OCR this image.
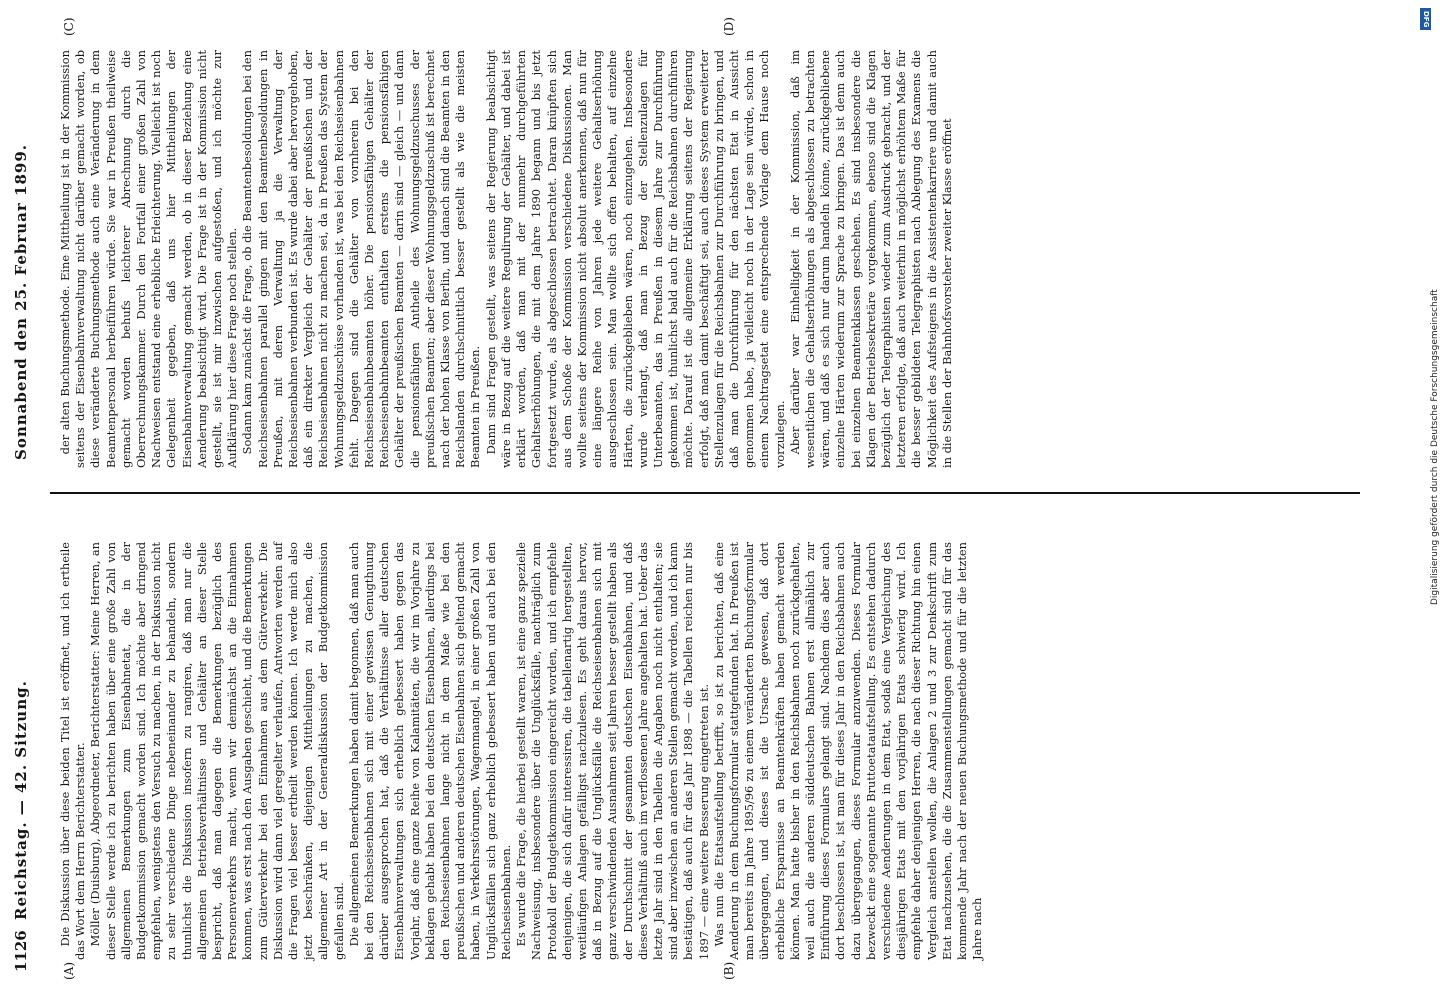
1126
Reichstag. — 42. Sitzung.
Sonnabend den 25. Februar 1899.
(A)	(B)
(C)	(D)

Die Diskussion über diese beiden Titel ist eröffnet, und ich ertheile das Wort dem Herrn Berichterstatter. Möller (Duisburg), Abgeordneter, Berichterstatter: Meine Herren, an dieser Stelle werde ich zu berichten haben über eine große Zahl von allgemeinen Bemerkungen zum Eisenbahnetat, die in der Budgetkommission gemacht worden sind. Ich möchte aber dringend empfehlen, wenigstens den Versuch zu machen, in der Diskussion nicht zu sehr verschiedene Dinge nebeneinander zu behandeln, sondern thunlichst die Diskussion insofern zu rangiren, daß man nur die allgemeinen Betriebsverhältnisse und Gehälter an dieser Stelle bespricht, daß man dagegen die Bemerkungen bezüglich des Personenverkehrs macht, wenn wir demnächst an die Einnahmen kommen, was erst nach den Ausgaben geschieht, und die Bemerkungen zum Güterverkehr bei den Einnahmen aus dem Güterverkehr. Die Diskussion wird dann viel geregelter verlaufen, Antworten werden auf die Fragen viel besser ertheilt werden können. Ich werde mich also jetzt beschränken, diejenigen Mittheilungen zu machen, die allgemeiner Art in der Generaldiskussion der Budgetkommission gefallen sind. Die allgemeinen Bemerkungen haben damit begonnen, daß man auch bei den Reichseisenbahnen sich mit einer gewissen Genugthuung darüber ausgesprochen hat, daß die Verhältnisse aller deutschen Eisenbahnverwaltungen sich erheblich gebessert haben gegen das Vorjahr, daß eine ganze Reihe von Kalamitäten, die wir im Vorjahre zu beklagen gehabt haben bei den deutschen Eisenbahnen, allerdings bei den Reichseisenbahnen lange nicht in dem Maße wie bei den preußischen und anderen deutschen Eisenbahnen sich geltend gemacht haben, in Verkehrsstörungen, Wagenmangel, in einer großen Zahl von Unglücksfällen sich ganz erheblich gebessert haben und auch bei den Reichseisenbahnen. Es wurde die Frage, die hierbei gestellt waren, ist eine ganz spezielle Nachweisung, insbesondere über die Unglücksfälle, nachträglich zum Protokoll der Budgetkommission eingereicht worden, und ich empfehle denjenigen, die sich dafür interessiren, die tabellenartig hergestellten, weitläufigen Anlagen gefälligst nachzulesen. Es geht daraus hervor, daß in Bezug auf die Unglücksfälle die Reichseisenbahnen sich mit ganz verschwindenden Ausnahmen seit Jahren besser gestellt haben als der Durchschnitt der gesammten deutschen Eisenbahnen, und daß dieses Verhältniß auch im verflossenen Jahre angehalten hat. Ueber das letzte Jahr sind in den Tabellen die Angaben noch nicht enthalten; sie sind aber inzwischen an anderen Stellen gemacht worden, und ich kann bestätigen, daß auch für das Jahr 1898 — die Tabellen reichen nur bis 1897 — eine weitere Besserung eingetreten ist. Was nun die Etatsaufstellung betrifft, so ist zu berichten, daß eine Aenderung in dem Buchungsformular stattgefunden hat. In Preußen ist man bereits im Jahre 1895/96 zu einem veränderten Buchungsformular übergegangen, und dieses ist die Ursache gewesen, daß dort erhebliche Ersparnisse an Beamtenkräften haben gemacht werden können. Man hatte bisher in den Reichsbahnen noch zurückgehalten, weil auch die anderen süddeutschen Bahnen erst allmählich zur Einführung dieses Formulars gelangt sind. Nachdem dies aber auch dort beschlossen ist, ist man für dieses Jahr in den Reichsbahnen auch dazu übergegangen, dieses Formular anzuwenden. Dieses Formular bezweckt eine sogenannte Bruttoetataufstellung. Es entstehen dadurch verschiedene Aenderungen in dem Etat, sodaß eine Vergleichung des diesjährigen Etats mit den vorjährigen Etats schwierig wird. Ich empfehle daher denjenigen Herren, die nach dieser Richtung hin einen Vergleich anstellen wollen, die Anlagen 2 und 3 zur Denkschrift zum Etat nachzusehen, die die Zusammenstellungen gemacht sind für das kommende Jahr nach der neuen Buchungsmethode und für die letzten Jahre nach

der alten Buchungsmethode. Eine Mittheilung ist in der Kommission seitens der Eisenbahnverwaltung nicht darüber gemacht worden, ob diese veränderte Buchungsmethode auch eine Veränderung in dem Beamtenpersonal herbeiführen würde. Sie war in Preußen theilweise gemacht worden behufs leichterer Abrechnung durch die Oberrechnungskammer. Durch den Fortfall einer großen Zahl von Nachweisen entstand eine erhebliche Erleichterung. Vielleicht ist noch Gelegenheit gegeben, daß uns hier Mittheilungen der Eisenbahnverwaltung gemacht werden, ob in dieser Beziehung eine Aenderung beabsichtigt wird. Die Frage ist in der Kommission nicht gestellt, sie ist mir inzwischen aufgestoßen, und ich möchte zur Aufklärung hier diese Frage noch stellen. Sodann kam zunächst die Frage, ob die Beamtenbesoldungen bei den Reichseisenbahnen parallel gingen mit den Beamtenbesoldungen in Preußen, mit deren Verwaltung ja die Verwaltung der Reichseisenbahnen verbunden ist. Es wurde dabei aber hervorgehoben, daß ein direkter Vergleich der Gehälter der preußischen und der Reichseisenbahnen nicht zu machen sei, da in Preußen das System der Wohnungsgeldzuschüsse vorhanden ist, was bei den Reichseisenbahnen fehlt. Dagegen sind die Gehälter von vornherein bei den Reichseisenbahnbeamten höher. Die pensionsfähigen Gehälter der Reichseisenbahnbeamten enthalten erstens die pensionsfähigen Gehälter der preußischen Beamten — darin sind — gleich — und dann die pensionsfähigen Antheile des Wohnungsgeldzuschusses der preußischen Beamten; aber dieser Wohnungsgeldzuschuß ist berechnet nach der hohen Klasse von Berlin, und danach sind die Beamten in den Reichslanden durchschnittlich besser gestellt als wie die meisten Beamten in Preußen. Dann sind Fragen gestellt, was seitens der Regierung beabsichtigt wäre in Bezug auf die weitere Regulirung der Gehälter, und dabei ist erklärt worden, daß man mit der nunmehr durchgeführten Gehaltserhöhungen, die mit dem Jahre 1890 begann und bis jetzt fortgesetzt wurde, als abgeschlossen betrachtet. Daran knüpften sich aus dem Schoße der Kommission verschiedene Diskussionen. Man wollte seitens der Kommission nicht absolut anerkennen, daß nun für eine längere Reihe von Jahren jede weitere Gehaltserhöhung ausgeschlossen sein. Man wollte sich offen behalten, auf einzelne Härten, die zurückgeblieben wären, noch einzugehen. Insbesondere wurde verlangt, daß man in Bezug der Stellenzulagen für Unterbeamten, das in Preußen in diesem Jahre zur Durchführung gekommen ist, thunlichst bald auch für die Reichsbahnen durchführen möchte. Darauf ist die allgemeine Erklärung seitens der Regierung erfolgt, daß man damit beschäftigt sei, auch dieses System erweiterter Stellenzulagen für die Reichsbahnen zur Durchführung zu bringen, und daß man die Durchführung für den nächsten Etat in Aussicht genommen habe, ja vielleicht noch in der Lage sein würde, schon in einem Nachtragsetat eine entsprechende Vorlage dem Hause noch vorzulegen. Aber darüber war Einhelligkeit in der Kommission, daß im wesentlichen die Gehaltserhöhungen als abgeschlossen zu betrachten wären, und daß es sich nur darum handeln könne, zurückgebliebene einzelne Härten wiederum zur Sprache zu bringen. Das ist denn auch bei einzelnen Beamtenklassen geschehen. Es sind insbesondere die Klagen der Betriebssekretäre vorgekommen, ebenso sind die Klagen bezüglich der Telegraphisten wieder zum Ausdruck gebracht, und der letzteren erfolgte, daß auch weiterhin in möglichst erhöhtem Maße für die besser gebildeten Telegraphisten nach Ablegung des Examens die Möglichkeit des Aufsteigens in die Assistentenkarriere und damit auch in die Stellen der Bahnhofsvorsteher zweiter Klasse eröffnet

DFG
Digitalisierung gefördert durch die Deutsche Forschungsgemeinschaft
